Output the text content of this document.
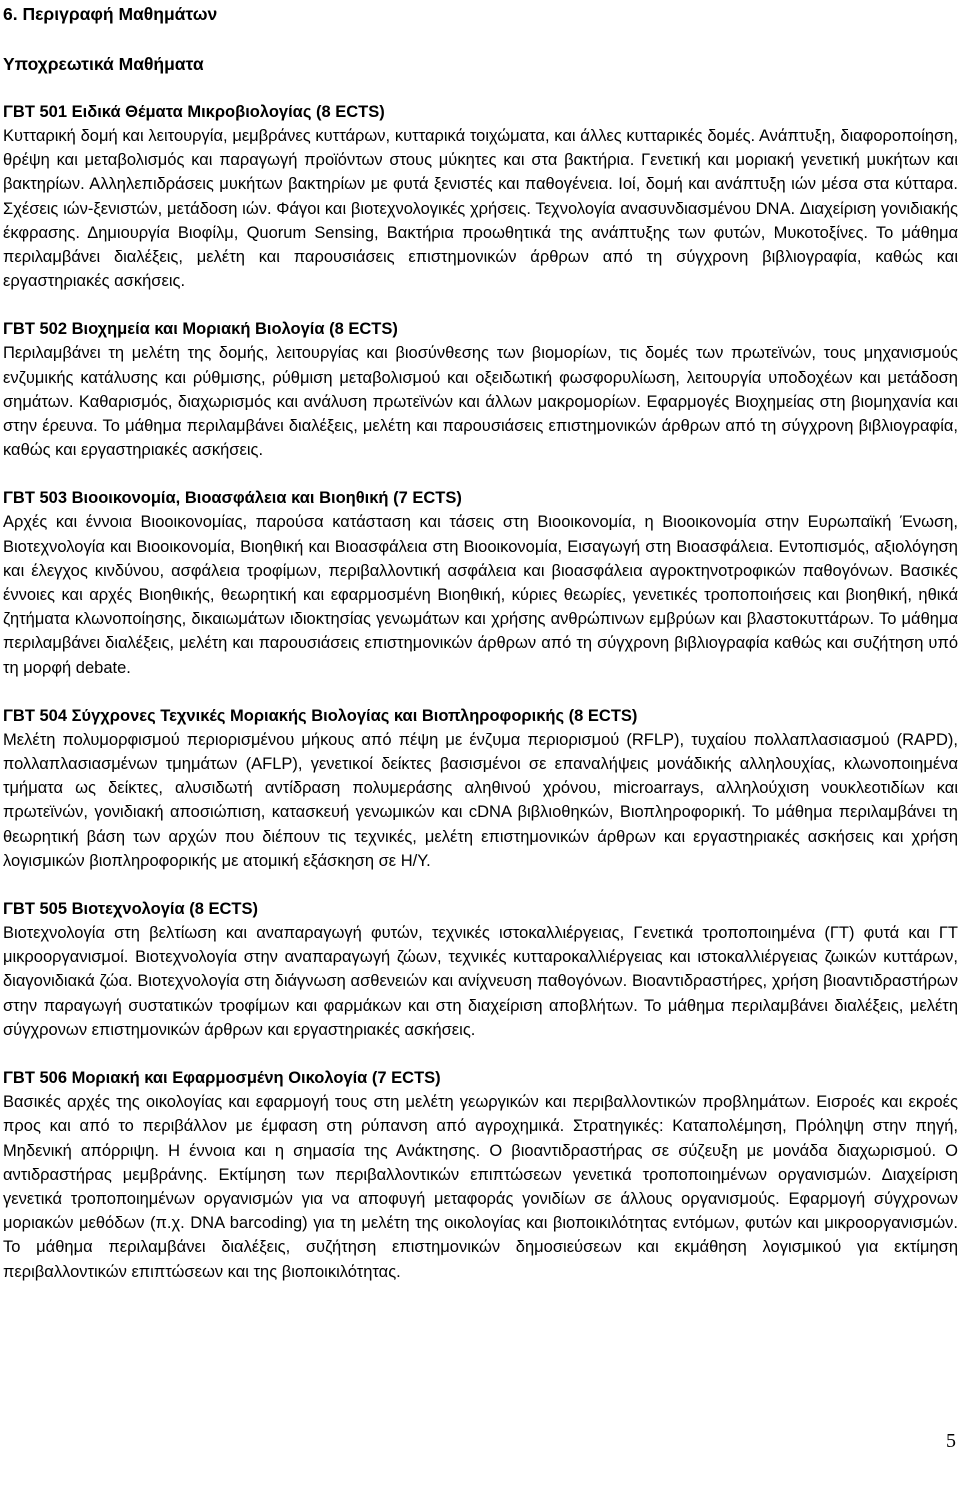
6. Περιγραφή Μαθημάτων
Υποχρεωτικά Μαθήματα

ΓΒΤ 501 Ειδικά Θέματα Μικροβιολογίας (8 ECTS)

Κυτταρική δομή και λειτουργία, μεμβράνες κυττάρων, κυτταρικά τοιχώματα, και άλλες κυτταρικές δομές. Ανάπτυξη, διαφοροποίηση, θρέψη και μεταβολισμός και παραγωγή προϊόντων στους μύκητες και στα βακτήρια. Γενετική και μοριακή γενετική μυκήτων και βακτηρίων. Αλληλεπιδράσεις μυκήτων βακτηρίων με φυτά ξενιστές και παθογένεια. Ιοί, δομή και ανάπτυξη ιών μέσα στα κύτταρα. Σχέσεις ιών-ξενιστών, μετάδοση ιών. Φάγοι και βιοτεχνολογικές χρήσεις. Τεχνολογία ανασυνδιασμένου DNA. Διαχείριση γονιδιακής έκφρασης. Δημιουργία Βιοφίλμ, Quorum Sensing, Βακτήρια προωθητικά της ανάπτυξης των φυτών, Μυκοτοξίνες. Το μάθημα περιλαμβάνει διαλέξεις, μελέτη και παρουσιάσεις επιστημονικών άρθρων από τη σύγχρονη βιβλιογραφία, καθώς και εργαστηριακές ασκήσεις.

ΓΒΤ 502 Βιοχημεία και Μοριακή Βιολογία (8 ECTS)

Περιλαμβάνει τη μελέτη της δομής, λειτουργίας και βιοσύνθεσης των βιομορίων, τις δομές των πρωτεϊνών, τους μηχανισμούς ενζυμικής κατάλυσης και ρύθμισης, ρύθμιση μεταβολισμού και οξειδωτική φωσφορυλίωση, λειτουργία υποδοχέων και μετάδοση σημάτων. Καθαρισμός, διαχωρισμός και ανάλυση πρωτεϊνών και άλλων μακρομορίων. Εφαρμογές Βιοχημείας στη βιομηχανία και στην έρευνα. Το μάθημα περιλαμβάνει διαλέξεις, μελέτη και παρουσιάσεις επιστημονικών άρθρων από τη σύγχρονη βιβλιογραφία, καθώς και εργαστηριακές ασκήσεις.

ΓΒΤ 503 Βιοοικονομία, Βιοασφάλεια και Βιοηθική (7 ECTS)

Αρχές και έννοια Βιοοικονομίας, παρούσα κατάσταση και τάσεις στη Βιοοικονομία, η Βιοοικονομία στην Ευρωπαϊκή Ένωση, Βιοτεχνολογία και Βιοοικονομία, Βιοηθική και Βιοασφάλεια στη Βιοοικονομία, Εισαγωγή στη Βιοασφάλεια. Εντοπισμός, αξιολόγηση και έλεγχος κινδύνου, ασφάλεια τροφίμων, περιβαλλοντική ασφάλεια και βιοασφάλεια αγροκτηνοτροφικών παθογόνων. Βασικές έννοιες και αρχές Βιοηθικής, θεωρητική και εφαρμοσμένη Βιοηθική, κύριες θεωρίες, γενετικές τροποποιήσεις και βιοηθική, ηθικά ζητήματα κλωνοποίησης, δικαιωμάτων ιδιοκτησίας γενωμάτων και χρήσης ανθρώπινων εμβρύων και βλαστοκυττάρων. Το μάθημα περιλαμβάνει διαλέξεις, μελέτη και παρουσιάσεις επιστημονικών άρθρων από τη σύγχρονη βιβλιογραφία καθώς και συζήτηση υπό τη μορφή debate.

ΓΒΤ 504 Σύγχρονες Τεχνικές Μοριακής Βιολογίας και Βιοπληροφορικής (8 ECTS)

Μελέτη πολυμορφισμού περιορισμένου μήκους από πέψη με ένζυμα περιορισμού (RFLP), τυχαίου πολλαπλασιασμού (RAPD), πολλαπλασιασμένων τμημάτων (AFLP), γενετικοί δείκτες βασισμένοι σε επαναλήψεις μονάδικής αλληλουχίας, κλωνοποιημένα τμήματα ως δείκτες, αλυσιδωτή αντίδραση πολυμεράσης αληθινού χρόνου, microarrays, αλληλούχιση νουκλεοτιδίων και πρωτεϊνών, γονιδιακή αποσιώπιση, κατασκευή γενωμικών και cDNA βιβλιοθηκών, Βιοπληροφορική. Το μάθημα περιλαμβάνει τη θεωρητική βάση των αρχών που διέπουν τις τεχνικές, μελέτη επιστημονικών άρθρων και εργαστηριακές ασκήσεις και χρήση λογισμικών βιοπληροφορικής με ατομική εξάσκηση σε Η/Υ.

ΓΒΤ 505 Βιοτεχνολογία (8 ECTS)

Βιοτεχνολογία στη βελτίωση και αναπαραγωγή φυτών, τεχνικές ιστοκαλλιέργειας, Γενετικά τροποποιημένα (ΓΤ) φυτά και ΓΤ μικροοργανισμοί. Βιοτεχνολογία στην αναπαραγωγή ζώων, τεχνικές κυτταροκαλλιέργειας και ιστοκαλλιέργειας ζωικών κυττάρων, διαγονιδιακά ζώα. Βιοτεχνολογία στη διάγνωση ασθενειών και ανίχνευση παθογόνων. Βιοαντιδραστήρες, χρήση βιοαντιδραστήρων στην παραγωγή συστατικών τροφίμων και φαρμάκων και στη διαχείριση αποβλήτων. Το μάθημα περιλαμβάνει διαλέξεις, μελέτη σύγχρονων επιστημονικών άρθρων και εργαστηριακές ασκήσεις.

ΓΒΤ 506 Μοριακή και Εφαρμοσμένη Οικολογία (7 ECTS)

Βασικές αρχές της οικολογίας και εφαρμογή τους στη μελέτη γεωργικών και περιβαλλοντικών προβλημάτων. Εισροές και εκροές προς και από το περιβάλλον με έμφαση στη ρύπανση από αγροχημικά. Στρατηγικές: Καταπολέμηση, Πρόληψη στην πηγή, Μηδενική απόρριψη. Η έννοια και η σημασία της Ανάκτησης. Ο βιοαντιδραστήρας σε σύζευξη με μονάδα διαχωρισμού. Ο αντιδραστήρας μεμβράνης. Εκτίμηση των περιβαλλοντικών επιπτώσεων γενετικά τροποποιημένων οργανισμών. Διαχείριση γενετικά τροποποιημένων οργανισμών για να αποφυγή μεταφοράς γονιδίων σε άλλους οργανισμούς. Εφαρμογή σύγχρονων μοριακών μεθόδων (π.χ. DNA barcoding) για τη μελέτη της οικολογίας και βιοποικιλότητας εντόμων, φυτών και μικροοργανισμών. Το μάθημα περιλαμβάνει διαλέξεις, συζήτηση επιστημονικών δημοσιεύσεων και εκμάθηση λογισμικού για εκτίμηση περιβαλλοντικών επιπτώσεων και της βιοποικιλότητας.

5
